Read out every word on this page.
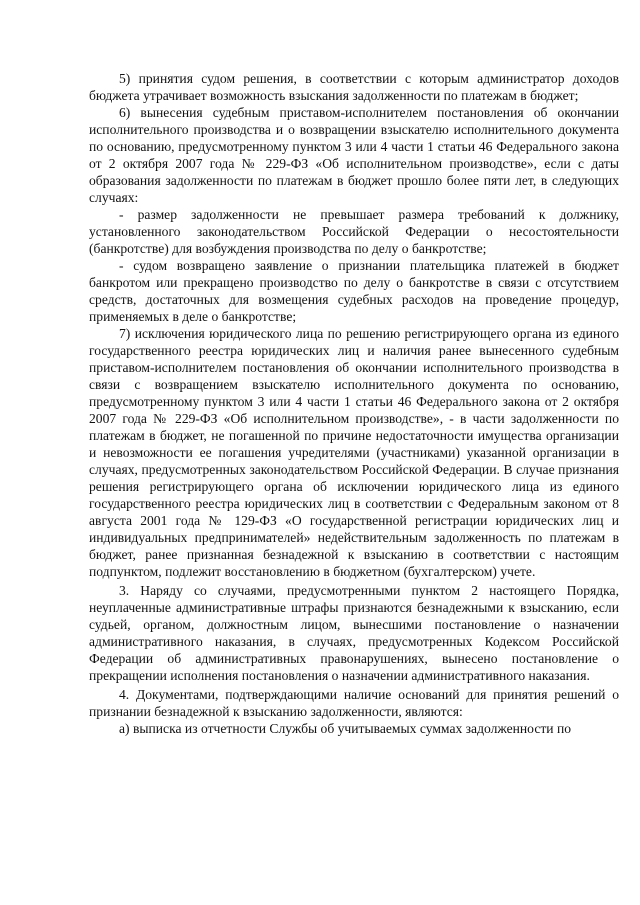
5) принятия судом решения, в соответствии с которым администратор доходов бюджета утрачивает возможность взыскания задолженности по платежам в бюджет;

6) вынесения судебным приставом-исполнителем постановления об окончании исполнительного производства и о возвращении взыскателю исполнительного документа по основанию, предусмотренному пунктом 3 или 4 части 1 статьи 46 Федерального закона от 2 октября 2007 года № 229-ФЗ «Об исполнительном производстве», если с даты образования задолженности по платежам в бюджет прошло более пяти лет, в следующих случаях:

- размер задолженности не превышает размера требований к должнику, установленного законодательством Российской Федерации о несостоятельности (банкротстве) для возбуждения производства по делу о банкротстве;

- судом возвращено заявление о признании плательщика платежей в бюджет банкротом или прекращено производство по делу о банкротстве в связи с отсутствием средств, достаточных для возмещения судебных расходов на проведение процедур, применяемых в деле о банкротстве;

7) исключения юридического лица по решению регистрирующего органа из единого государственного реестра юридических лиц и наличия ранее вынесенного судебным приставом-исполнителем постановления об окончании исполнительного производства в связи с возвращением взыскателю исполнительного документа по основанию, предусмотренному пунктом 3 или 4 части 1 статьи 46 Федерального закона от 2 октября 2007 года № 229-ФЗ «Об исполнительном производстве», - в части задолженности по платежам в бюджет, не погашенной по причине недостаточности имущества организации и невозможности ее погашения учредителями (участниками) указанной организации в случаях, предусмотренных законодательством Российской Федерации. В случае признания решения регистрирующего органа об исключении юридического лица из единого государственного реестра юридических лиц в соответствии с Федеральным законом от 8 августа 2001 года № 129-ФЗ «О государственной регистрации юридических лиц и индивидуальных предпринимателей» недействительным задолженность по платежам в бюджет, ранее признанная безнадежной к взысканию в соответствии с настоящим подпунктом, подлежит восстановлению в бюджетном (бухгалтерском) учете.

3. Наряду со случаями, предусмотренными пунктом 2 настоящего Порядка, неуплаченные административные штрафы признаются безнадежными к взысканию, если судьей, органом, должностным лицом, вынесшими постановление о назначении административного наказания, в случаях, предусмотренных Кодексом Российской Федерации об административных правонарушениях, вынесено постановление о прекращении исполнения постановления о назначении административного наказания.

4. Документами, подтверждающими наличие оснований для принятия решений о признании безнадежной к взысканию задолженности, являются:

а) выписка из отчетности Службы об учитываемых суммах задолженности по
